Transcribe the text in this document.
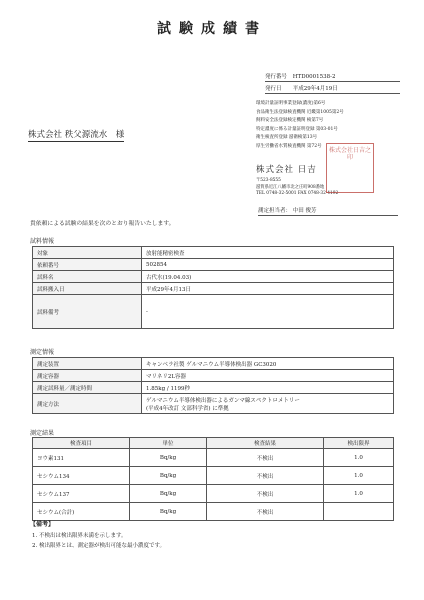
試験成績書
発行番号 HTD0001538-2
発行日 平成29年4月19日
環境計量証明事業登録(濃度)第6号
食品衛生法登録検査機関 近畿第1005第2号
飼料安全法登録検定機関 検第7号
特定濃度に係る計量証明登録 第03-01号
衛生検査所登録 滋衛検第13号
厚生労働省水質検査機関 第72号
株式会社 秩父源流水　様
株式会社 日吉
〒523-8555
滋賀県近江八幡市北之庄町908番地
TEL 0748-32-5001 FAX 0748-32-4192
株式会社日吉之印
測定担当者： 中田 俊芳
貴依頼による試験の結果を次のとおり報告いたします。
試料情報
対象	放射能精密検査
依頼番号	502854
試料名	古代水(19.04.03)
試料搬入日	平成29年4月13日
試料備考	-
測定情報
測定装置	キャンベラ社製 ゲルマニウム半導体検出器 GC3020
測定容器	マリネリ2L容器
測定試料量／測定時間	1.85kg / 1199秒
測定方法	ゲルマニウム半導体検出器によるガンマ線スペクトロメトリー
(平成4年改訂 文部科学省) に準拠
測定結果
検査項目	単位	検査結果	検出限界
ヨウ素131	Bq/kg	不検出	1.0
セシウム134	Bq/kg	不検出	1.0
セシウム137	Bq/kg	不検出	1.0
セシウム(合計)	Bq/kg	不検出	
【備考】
1. 不検出は検出限界未満を示します。
2. 検出限界とは、測定器が検出可能な最小濃度です。
